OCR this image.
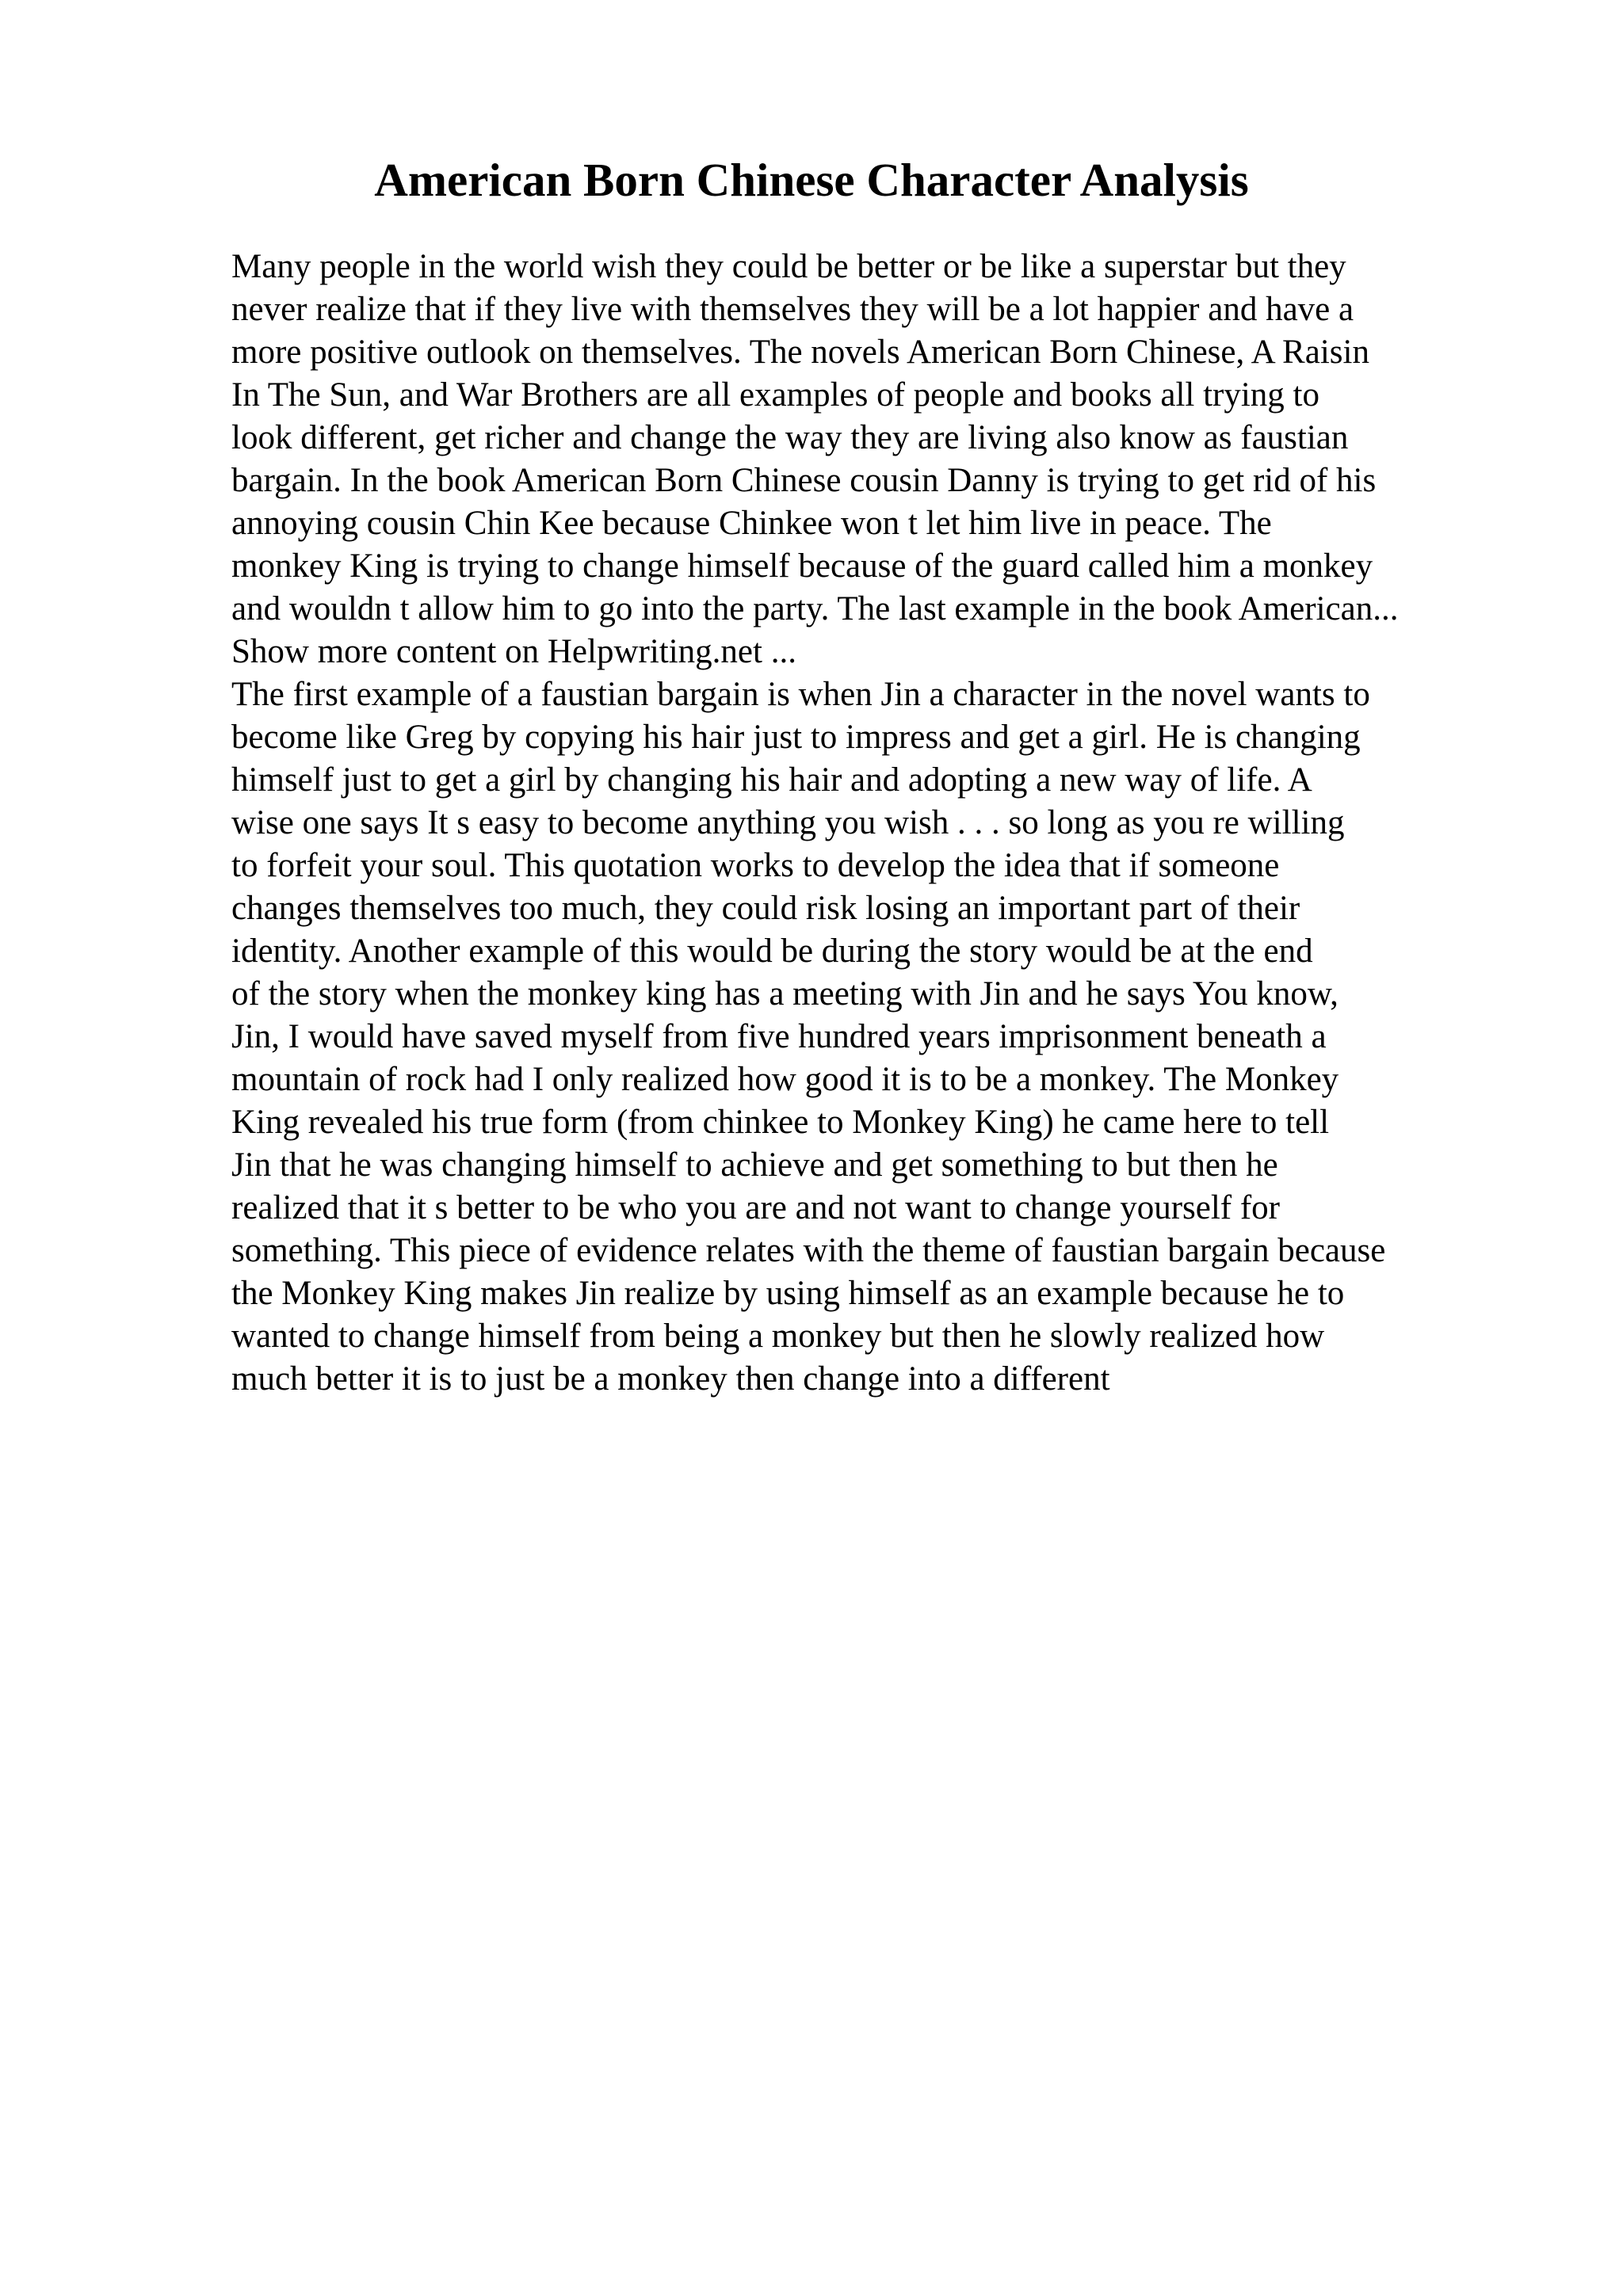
American Born Chinese Character Analysis
Many people in the world wish they could be better or be like a superstar but they
never realize that if they live with themselves they will be a lot happier and have a
more positive outlook on themselves. The novels American Born Chinese, A Raisin
In The Sun, and War Brothers are all examples of people and books all trying to
look different, get richer and change the way they are living also know as faustian
bargain. In the book American Born Chinese cousin Danny is trying to get rid of his
annoying cousin Chin Kee because Chinkee won t let him live in peace. The
monkey King is trying to change himself because of the guard called him a monkey
and wouldn t allow him to go into the party. The last example in the book American...
Show more content on Helpwriting.net ...
The first example of a faustian bargain is when Jin a character in the novel wants to
become like Greg by copying his hair just to impress and get a girl. He is changing
himself just to get a girl by changing his hair and adopting a new way of life. A
wise one says It s easy to become anything you wish . . . so long as you re willing
to forfeit your soul. This quotation works to develop the idea that if someone
changes themselves too much, they could risk losing an important part of their
identity. Another example of this would be during the story would be at the end
of the story when the monkey king has a meeting with Jin and he says You know,
Jin, I would have saved myself from five hundred years imprisonment beneath a
mountain of rock had I only realized how good it is to be a monkey. The Monkey
King revealed his true form (from chinkee to Monkey King) he came here to tell
Jin that he was changing himself to achieve and get something to but then he
realized that it s better to be who you are and not want to change yourself for
something. This piece of evidence relates with the theme of faustian bargain because
the Monkey King makes Jin realize by using himself as an example because he to
wanted to change himself from being a monkey but then he slowly realized how
much better it is to just be a monkey then change into a different
